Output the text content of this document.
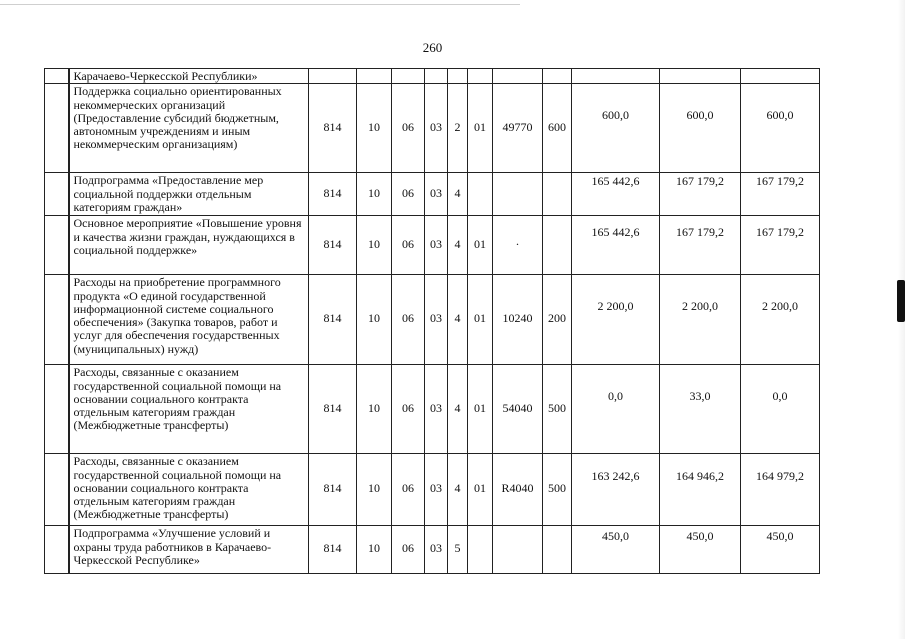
260
	Карачаево-Черкесской Республики»											
	Поддержка социально ориентированных некоммерческих организаций (Предоставление субсидий бюджетным, автономным учреждениям и иным некоммерческим организациям)	814	10	06	03	2	01	49770	600	600,0	600,0	600,0
	Подпрограмма «Предоставление мер социальной поддержки отдельным категориям граждан»	814	10	06	03	4				165 442,6	167 179,2	167 179,2
	Основное мероприятие «Повышение уровня и качества жизни граждан, нуждающихся в социальной поддержке»	814	10	06	03	4	01	·		165 442,6	167 179,2	167 179,2
	Расходы на приобретение программного продукта «О единой государственной информационной системе социального обеспечения» (Закупка товаров, работ и услуг для обеспечения государственных (муниципальных) нужд)	814	10	06	03	4	01	10240	200	2 200,0	2 200,0	2 200,0
	Расходы, связанные с оказанием государственной социальной помощи на основании социального контракта отдельным категориям граждан (Межбюджетные трансферты)	814	10	06	03	4	01	54040	500	0,0	33,0	0,0
	Расходы, связанные с оказанием государственной социальной помощи на основании социального контракта отдельным категориям граждан (Межбюджетные трансферты)	814	10	06	03	4	01	R4040	500	163 242,6	164 946,2	164 979,2
	Подпрограмма «Улучшение условий и охраны труда работников в Карачаево-Черкесской Республике»	814	10	06	03	5				450,0	450,0	450,0
